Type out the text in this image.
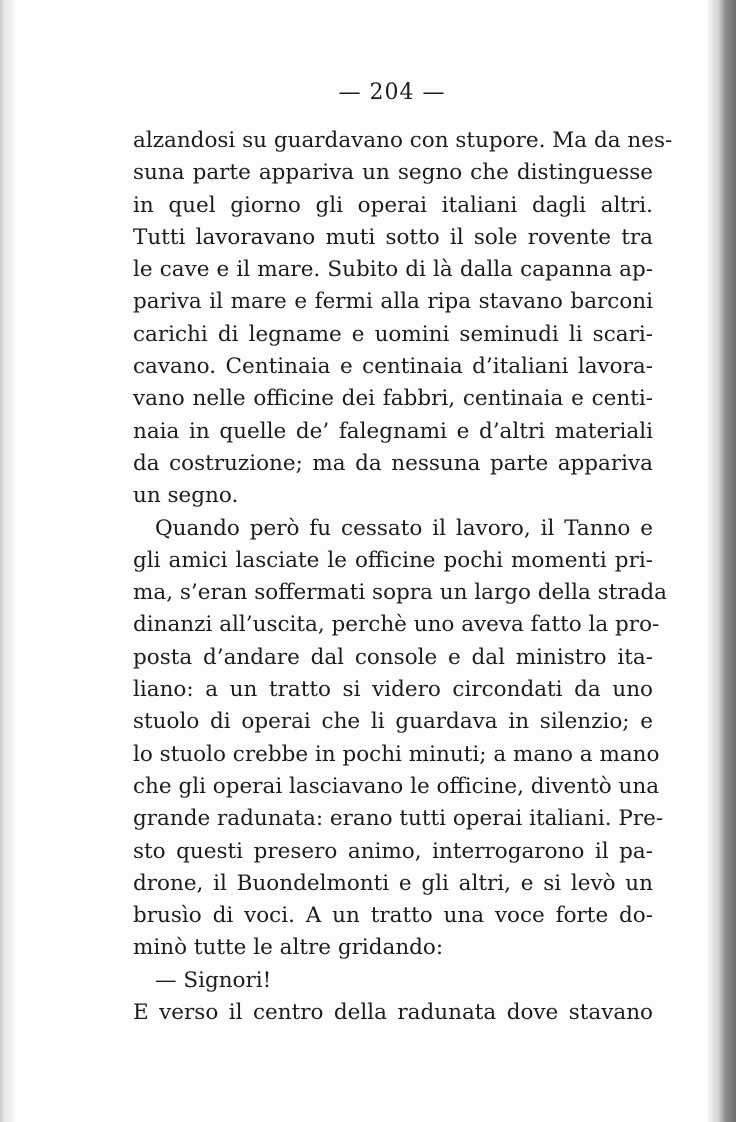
— 204 —
alzandosi su guardavano con stupore. Ma da nes-
suna parte appariva un segno che distinguesse
in quel giorno gli operai italiani dagli altri.
Tutti lavoravano muti sotto il sole rovente tra
le cave e il mare. Subito di là dalla capanna ap-
pariva il mare e fermi alla ripa stavano barconi
carichi di legname e uomini seminudi li scari-
cavano. Centinaia e centinaia d’italiani lavora-
vano nelle officine dei fabbri, centinaia e centi-
naia in quelle de’ falegnami e d’altri materiali
da costruzione; ma da nessuna parte appariva
un segno.
Quando però fu cessato il lavoro, il Tanno e
gli amici lasciate le officine pochi momenti pri-
ma, s’eran soffermati sopra un largo della strada
dinanzi all’uscita, perchè uno aveva fatto la pro-
posta d’andare dal console e dal ministro ita-
liano: a un tratto si videro circondati da uno
stuolo di operai che li guardava in silenzio; e
lo stuolo crebbe in pochi minuti; a mano a mano
che gli operai lasciavano le officine, diventò una
grande radunata: erano tutti operai italiani. Pre-
sto questi presero animo, interrogarono il pa-
drone, il Buondelmonti e gli altri, e si levò un
brusìo di voci. A un tratto una voce forte do-
minò tutte le altre gridando:
— Signori!
E verso il centro della radunata dove stavano
